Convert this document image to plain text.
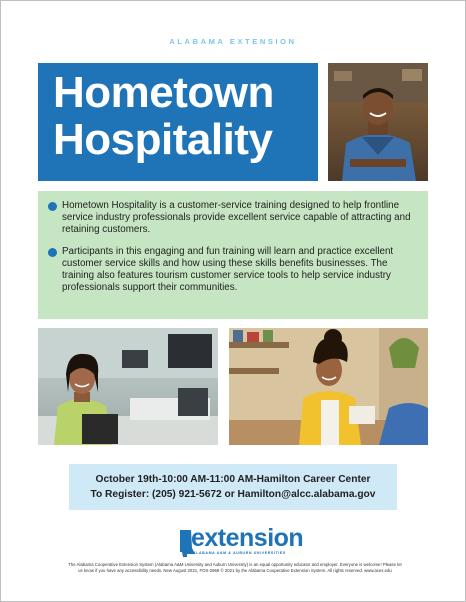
ALABAMA EXTENSION
Hometown
Hospitality

Hometown Hospitality is a customer-service training designed to help frontline service industry professionals provide excellent service capable of attracting and retaining customers.

Participants in this engaging and fun training will learn and practice excellent customer service skills and how using these skills benefits businesses. The training also features tourism customer service tools to help service industry professionals support their communities.

October 19th-10:00 AM-11:00 AM-Hamilton Career Center
To Register: (205) 921-5672 or Hamilton@alcc.alabama.gov
extension
ALABAMA A&M & AUBURN UNIVERSITIES
The Alabama Cooperative Extension System (Alabama A&M University and Auburn University) is an equal opportunity educator and employer. Everyone is welcome! Please let
us know if you have any accessibility needs. New August 2021, FOS-2969 © 2021 by the Alabama Cooperative Extension System. All rights reserved. www.aces.edu
